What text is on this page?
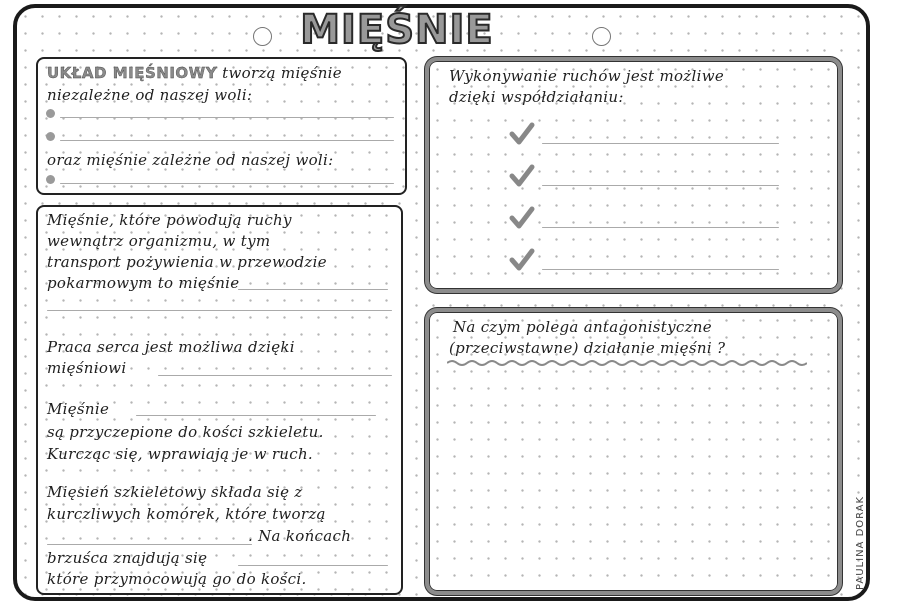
MIĘŚNIE

UKŁAD MIĘŚNIOWY tworzą mięśnie

niezależne od naszej woli:

oraz mięśnie zależne od naszej woli:

Mięśnie, które powodują ruchy

wewnątrz organizmu, w tym

transport pożywienia w przewodzie

pokarmowym to mięśnie

Praca serca jest możliwa dzięki

mięśniowi

Mięśnie

są przyczepione do kości szkieletu.

Kurcząc się, wprawiają je w ruch.

Mięsień szkieletowy składa się z

kurczliwych komórek, które tworzą

. Na końcach

brzuśca znajdują się

które przymocowują go do kości.

Wykonywanie ruchów jest możliwe

dzięki współdziałaniu:

Na czym polega antagonistyczne

(przeciwstawne) działanie mięśni ?

PAULINA DORAK
